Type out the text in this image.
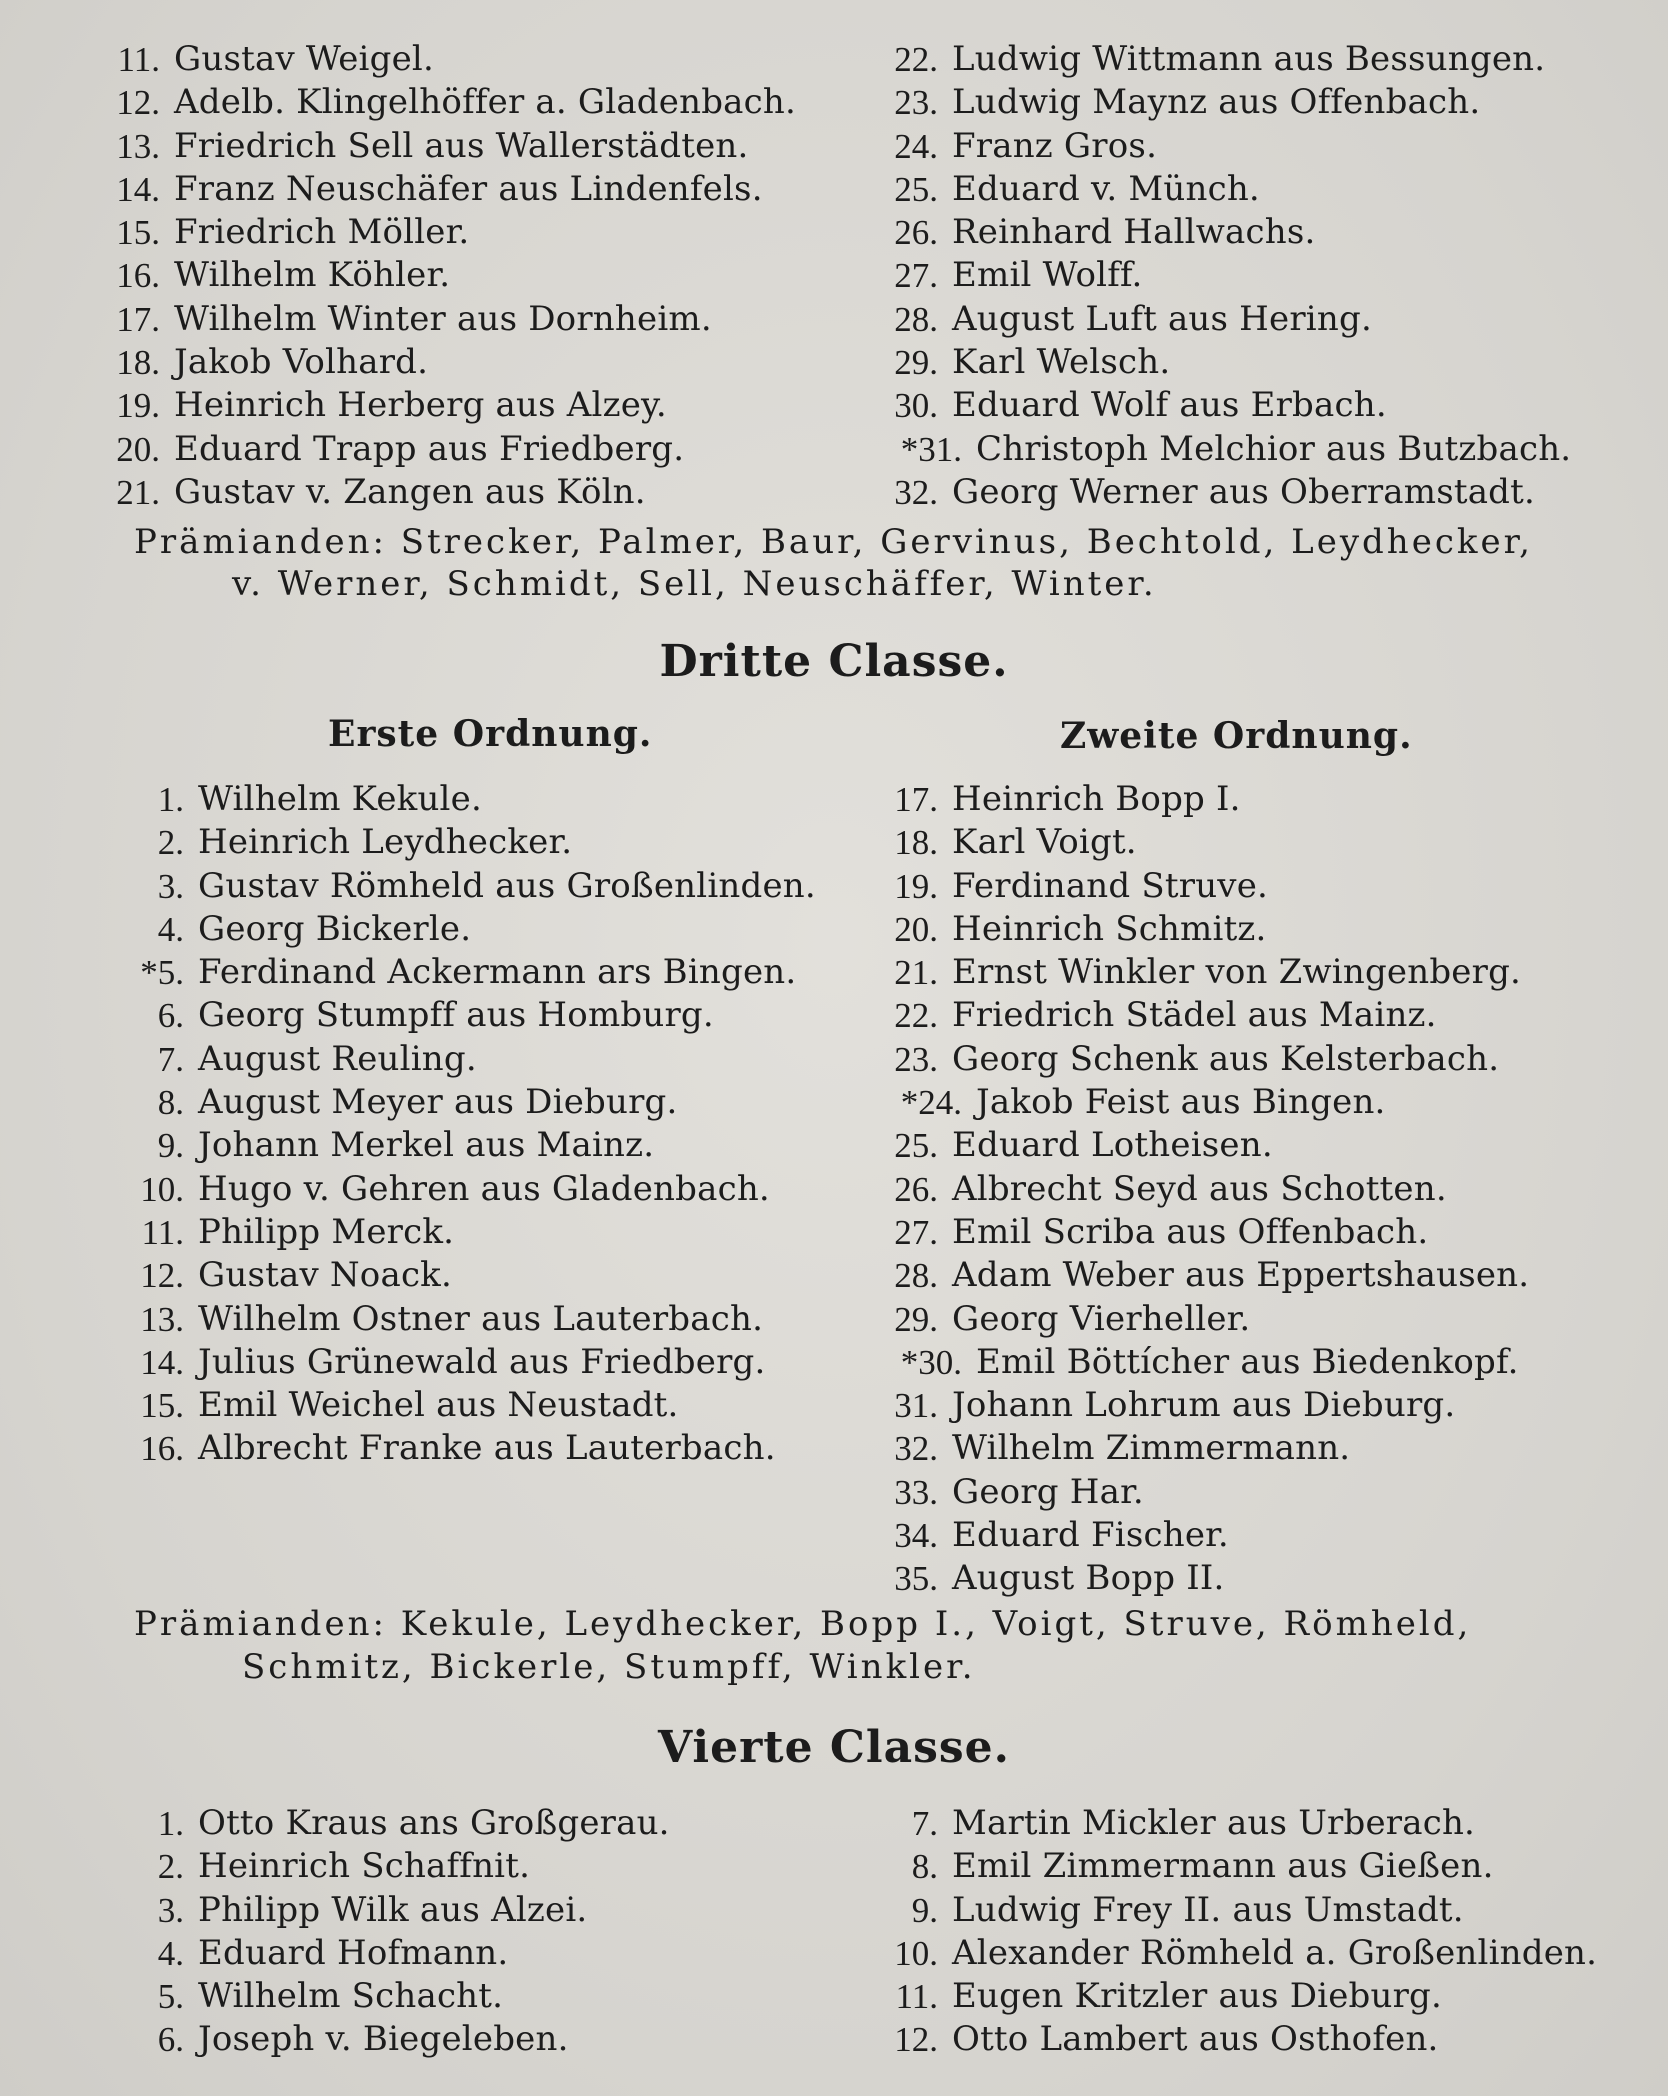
11. Gustav Weigel.
12. Adelb. Klingelhöffer a. Gladenbach.
13. Friedrich Sell aus Wallerstädten.
14. Franz Neuschäfer aus Lindenfels.
15. Friedrich Möller.
16. Wilhelm Köhler.
17. Wilhelm Winter aus Dornheim.
18. Jakob Volhard.
19. Heinrich Herberg aus Alzey.
20. Eduard Trapp aus Friedberg.
21. Gustav v. Zangen aus Köln.
22. Ludwig Wittmann aus Bessungen.
23. Ludwig Maynz aus Offenbach.
24. Franz Gros.
25. Eduard v. Münch.
26. Reinhard Hallwachs.
27. Emil Wolff.
28. August Luft aus Hering.
29. Karl Welsch.
30. Eduard Wolf aus Erbach.
*31. Christoph Melchior aus Butzbach.
32. Georg Werner aus Oberramstadt.
Prämianden: Strecker, Palmer, Baur, Gervinus, Bechtold, Leydhecker,
v. Werner, Schmidt, Sell, Neuschäffer, Winter.
Dritte Classe.
Erste Ordnung.	Zweite Ordnung.
1. Wilhelm Kekule.
2. Heinrich Leydhecker.
3. Gustav Römheld aus Großenlinden.
4. Georg Bickerle.
*5. Ferdinand Ackermann ars Bingen.
6. Georg Stumpff aus Homburg.
7. August Reuling.
8. August Meyer aus Dieburg.
9. Johann Merkel aus Mainz.
10. Hugo v. Gehren aus Gladenbach.
11. Philipp Merck.
12. Gustav Noack.
13. Wilhelm Ostner aus Lauterbach.
14. Julius Grünewald aus Friedberg.
15. Emil Weichel aus Neustadt.
16. Albrecht Franke aus Lauterbach.
17. Heinrich Bopp I.
18. Karl Voigt.
19. Ferdinand Struve.
20. Heinrich Schmitz.
21. Ernst Winkler von Zwingenberg.
22. Friedrich Städel aus Mainz.
23. Georg Schenk aus Kelsterbach.
*24. Jakob Feist aus Bingen.
25. Eduard Lotheisen.
26. Albrecht Seyd aus Schotten.
27. Emil Scriba aus Offenbach.
28. Adam Weber aus Eppertshausen.
29. Georg Vierheller.
*30. Emil Böttícher aus Biedenkopf.
31. Johann Lohrum aus Dieburg.
32. Wilhelm Zimmermann.
33. Georg Har.
34. Eduard Fischer.
35. August Bopp II.
Prämianden: Kekule, Leydhecker, Bopp I., Voigt, Struve, Römheld,
Schmitz, Bickerle, Stumpff, Winkler.
Vierte Classe.
1. Otto Kraus ans Großgerau.
2. Heinrich Schaffnit.
3. Philipp Wilk aus Alzei.
4. Eduard Hofmann.
5. Wilhelm Schacht.
6. Joseph v. Biegeleben.
7. Martin Mickler aus Urberach.
8. Emil Zimmermann aus Gießen.
9. Ludwig Frey II. aus Umstadt.
10. Alexander Römheld a. Großenlinden.
11. Eugen Kritzler aus Dieburg.
12. Otto Lambert aus Osthofen.
